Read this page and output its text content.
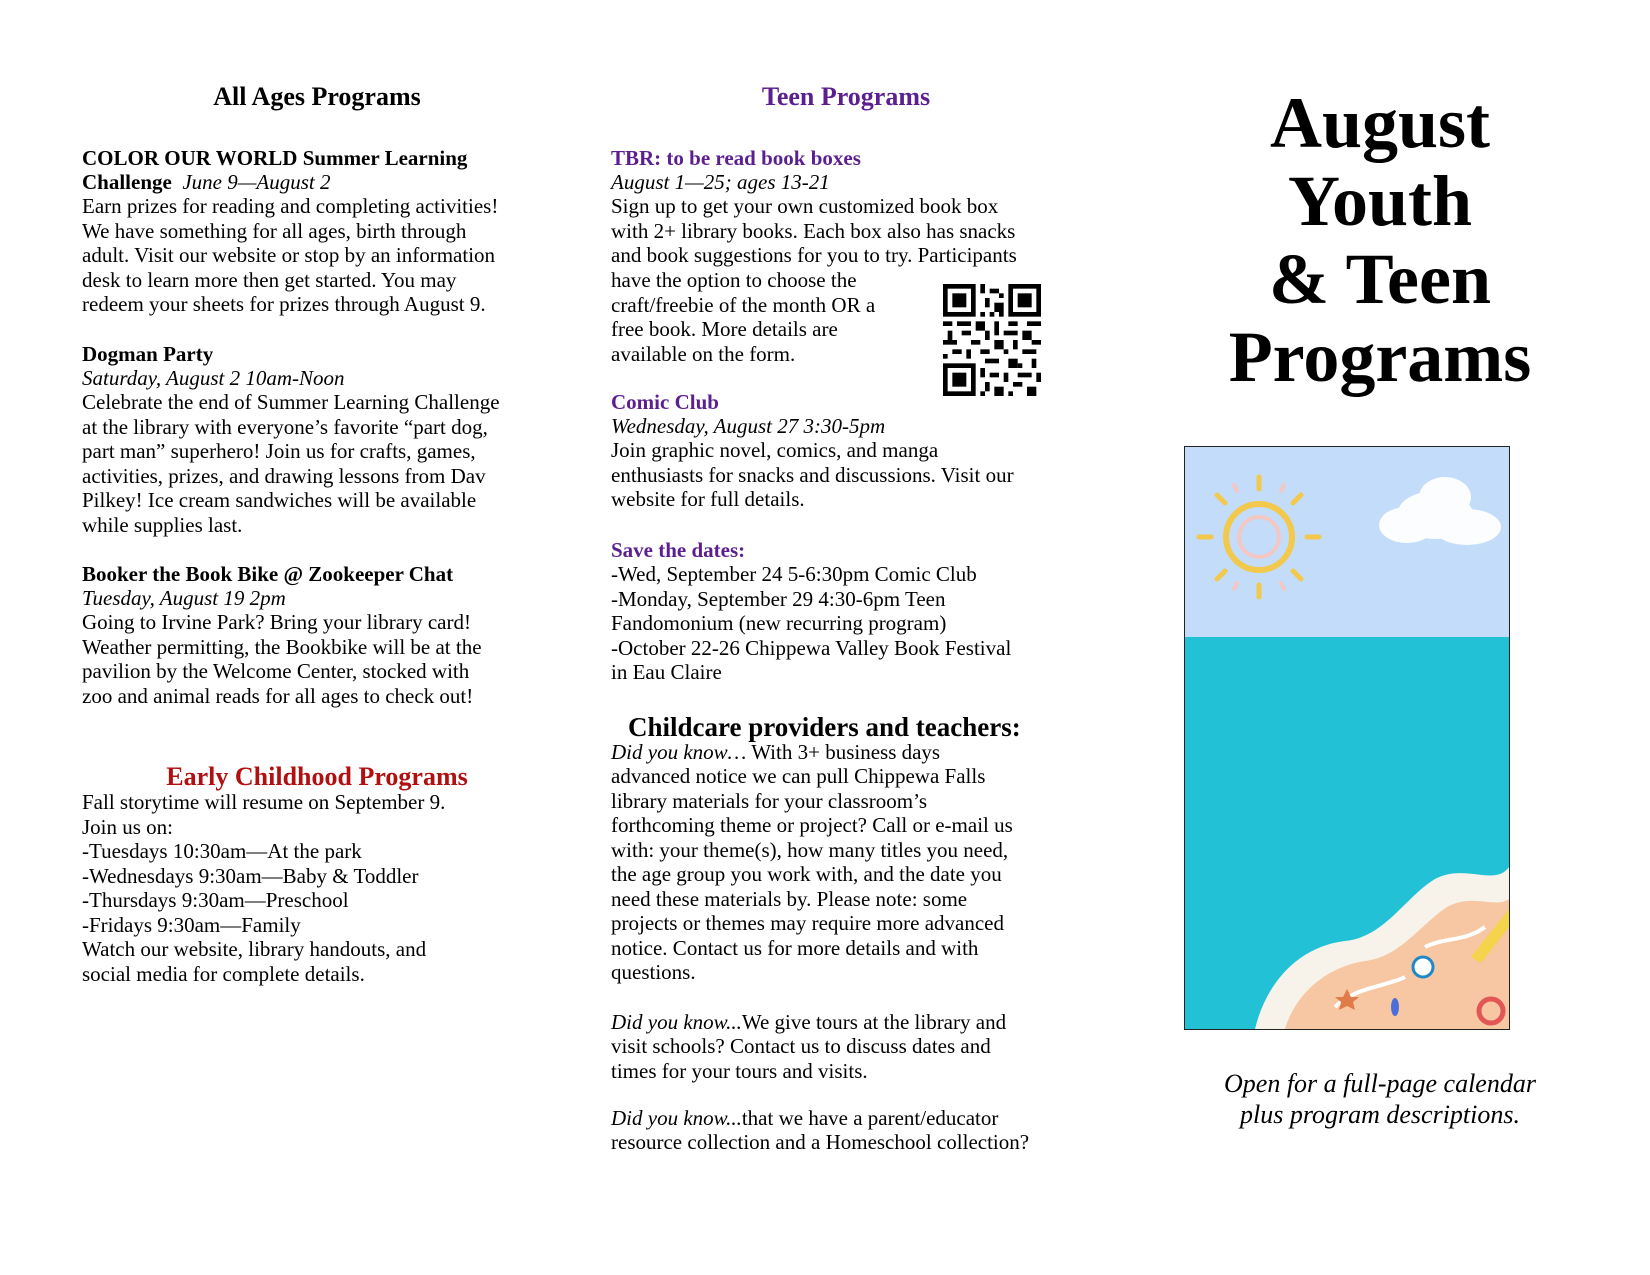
All Ages Programs
COLOR OUR WORLD Summer Learning
Challenge June 9—August 2
Earn prizes for reading and completing activities!
We have something for all ages, birth through
adult. Visit our website or stop by an information
desk to learn more then get started. You may
redeem your sheets for prizes through August 9.
Dogman Party
Saturday, August 2 10am-Noon
Celebrate the end of Summer Learning Challenge
at the library with everyone’s favorite “part dog,
part man” superhero! Join us for crafts, games,
activities, prizes, and drawing lessons from Dav
Pilkey! Ice cream sandwiches will be available
while supplies last.
Booker the Book Bike @ Zookeeper Chat
Tuesday, August 19 2pm
Going to Irvine Park? Bring your library card!
Weather permitting, the Bookbike will be at the
pavilion by the Welcome Center, stocked with
zoo and animal reads for all ages to check out!
Early Childhood Programs
Fall storytime will resume on September 9.
Join us on:
-Tuesdays 10:30am—At the park
-Wednesdays 9:30am—Baby & Toddler
-Thursdays 9:30am—Preschool
-Fridays 9:30am—Family
Watch our website, library handouts, and
social media for complete details.
Teen Programs
TBR: to be read book boxes
August 1—25; ages 13-21
Sign up to get your own customized book box
with 2+ library books. Each box also has snacks
and book suggestions for you to try. Participants
have the option to choose the
craft/freebie of the month OR a
free book. More details are
available on the form.
Comic Club
Wednesday, August 27 3:30-5pm
Join graphic novel, comics, and manga
enthusiasts for snacks and discussions. Visit our
website for full details.
Save the dates:
-Wed, September 24 5-6:30pm Comic Club
-Monday, September 29 4:30-6pm Teen
Fandomonium (new recurring program)
-October 22-26 Chippewa Valley Book Festival
in Eau Claire
Childcare providers and teachers:
Did you know… With 3+ business days
advanced notice we can pull Chippewa Falls
library materials for your classroom’s
forthcoming theme or project? Call or e-mail us
with: your theme(s), how many titles you need,
the age group you work with, and the date you
need these materials by. Please note: some
projects or themes may require more advanced
notice. Contact us for more details and with
questions.
Did you know...We give tours at the library and
visit schools? Contact us to discuss dates and
times for your tours and visits.
Did you know...that we have a parent/educator
resource collection and a Homeschool collection?
August
Youth
& Teen
Programs
Open for a full-page calendar
plus program descriptions.
